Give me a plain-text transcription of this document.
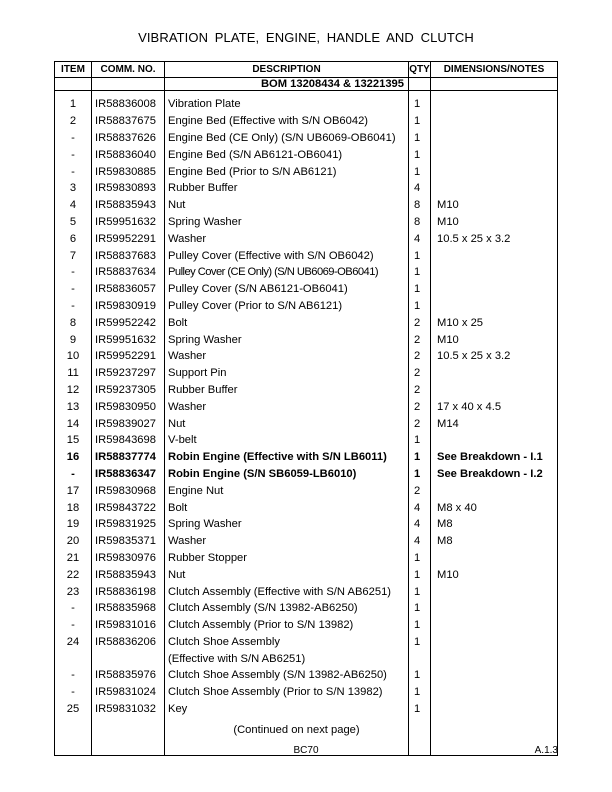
VIBRATION PLATE, ENGINE, HANDLE AND CLUTCH
ITEM	COMM. NO.	DESCRIPTION	QTY	DIMENSIONS/NOTES
		BOM 13208434 & 13221395		

1	IR58836008	Vibration Plate	1	
2	IR58837675	Engine Bed (Effective with S/N OB6042)	1	
-	IR58837626	Engine Bed (CE Only) (S/N UB6069-OB6041)	1	
-	IR58836040	Engine Bed (S/N AB6121-OB6041)	1	
-	IR59830885	Engine Bed (Prior to S/N AB6121)	1	
3	IR59830893	Rubber Buffer	4	
4	IR58835943	Nut	8	M10
5	IR59951632	Spring Washer	8	M10
6	IR59952291	Washer	4	10.5 x 25 x 3.2
7	IR58837683	Pulley Cover (Effective with S/N OB6042)	1	
-	IR58837634	Pulley Cover (CE Only) (S/N UB6069-OB6041)	1	
-	IR58836057	Pulley Cover (S/N AB6121-OB6041)	1	
-	IR59830919	Pulley Cover (Prior to S/N AB6121)	1	
8	IR59952242	Bolt	2	M10 x 25
9	IR59951632	Spring Washer	2	M10
10	IR59952291	Washer	2	10.5 x 25 x 3.2
11	IR59237297	Support Pin	2	
12	IR59237305	Rubber Buffer	2	
13	IR59830950	Washer	2	17 x 40 x 4.5
14	IR59839027	Nut	2	M14
15	IR59843698	V-belt	1	
16	IR58837774	Robin Engine (Effective with S/N LB6011)	1	See Breakdown - I.1
-	IR58836347	Robin Engine (S/N SB6059-LB6010)	1	See Breakdown - I.2
17	IR59830968	Engine Nut	2	
18	IR59843722	Bolt	4	M8 x 40
19	IR59831925	Spring Washer	4	M8
20	IR59835371	Washer	4	M8
21	IR59830976	Rubber Stopper	1	
22	IR58835943	Nut	1	M10
23	IR58836198	Clutch Assembly (Effective with S/N AB6251)	1	
-	IR58835968	Clutch Assembly (S/N 13982-AB6250)	1	
-	IR59831016	Clutch Assembly (Prior to S/N 13982)	1	
24	IR58836206	Clutch Shoe Assembly	1	
		(Effective with S/N AB6251)		
-	IR58835976	Clutch Shoe Assembly (S/N 13982-AB6250)	1	
-	IR59831024	Clutch Shoe Assembly (Prior to S/N 13982)	1	
25	IR59831032	Key	1	
		(Continued on next page)		

BC70	A.1.3
